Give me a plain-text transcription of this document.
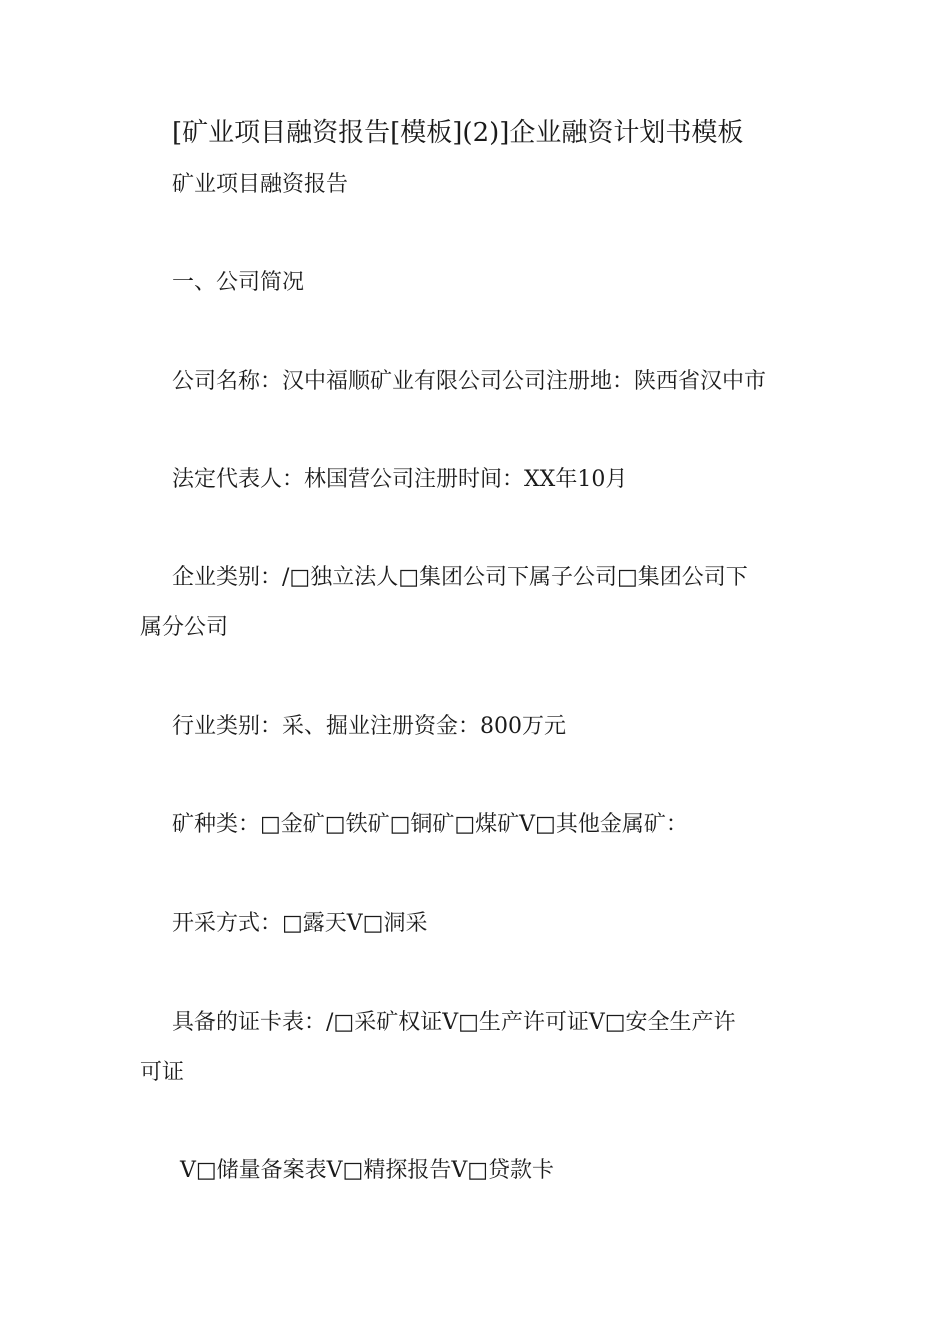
[矿业项目融资报告[模板](2)]企业融资计划书模板
矿业项目融资报告
一、公司简况
公司名称：汉中福顺矿业有限公司公司注册地：陕西省汉中市
法定代表人：林国营公司注册时间：XX年10月
企业类别：/□独立法人□集团公司下属子公司□集团公司下
属分公司
行业类别：采、掘业注册资金：800万元
矿种类：□金矿□铁矿□铜矿□煤矿V□其他金属矿：
开采方式：□露天V□洞采
具备的证卡表：/□采矿权证V□生产许可证V□安全生产许
可证
V□储量备案表V□精探报告V□贷款卡
